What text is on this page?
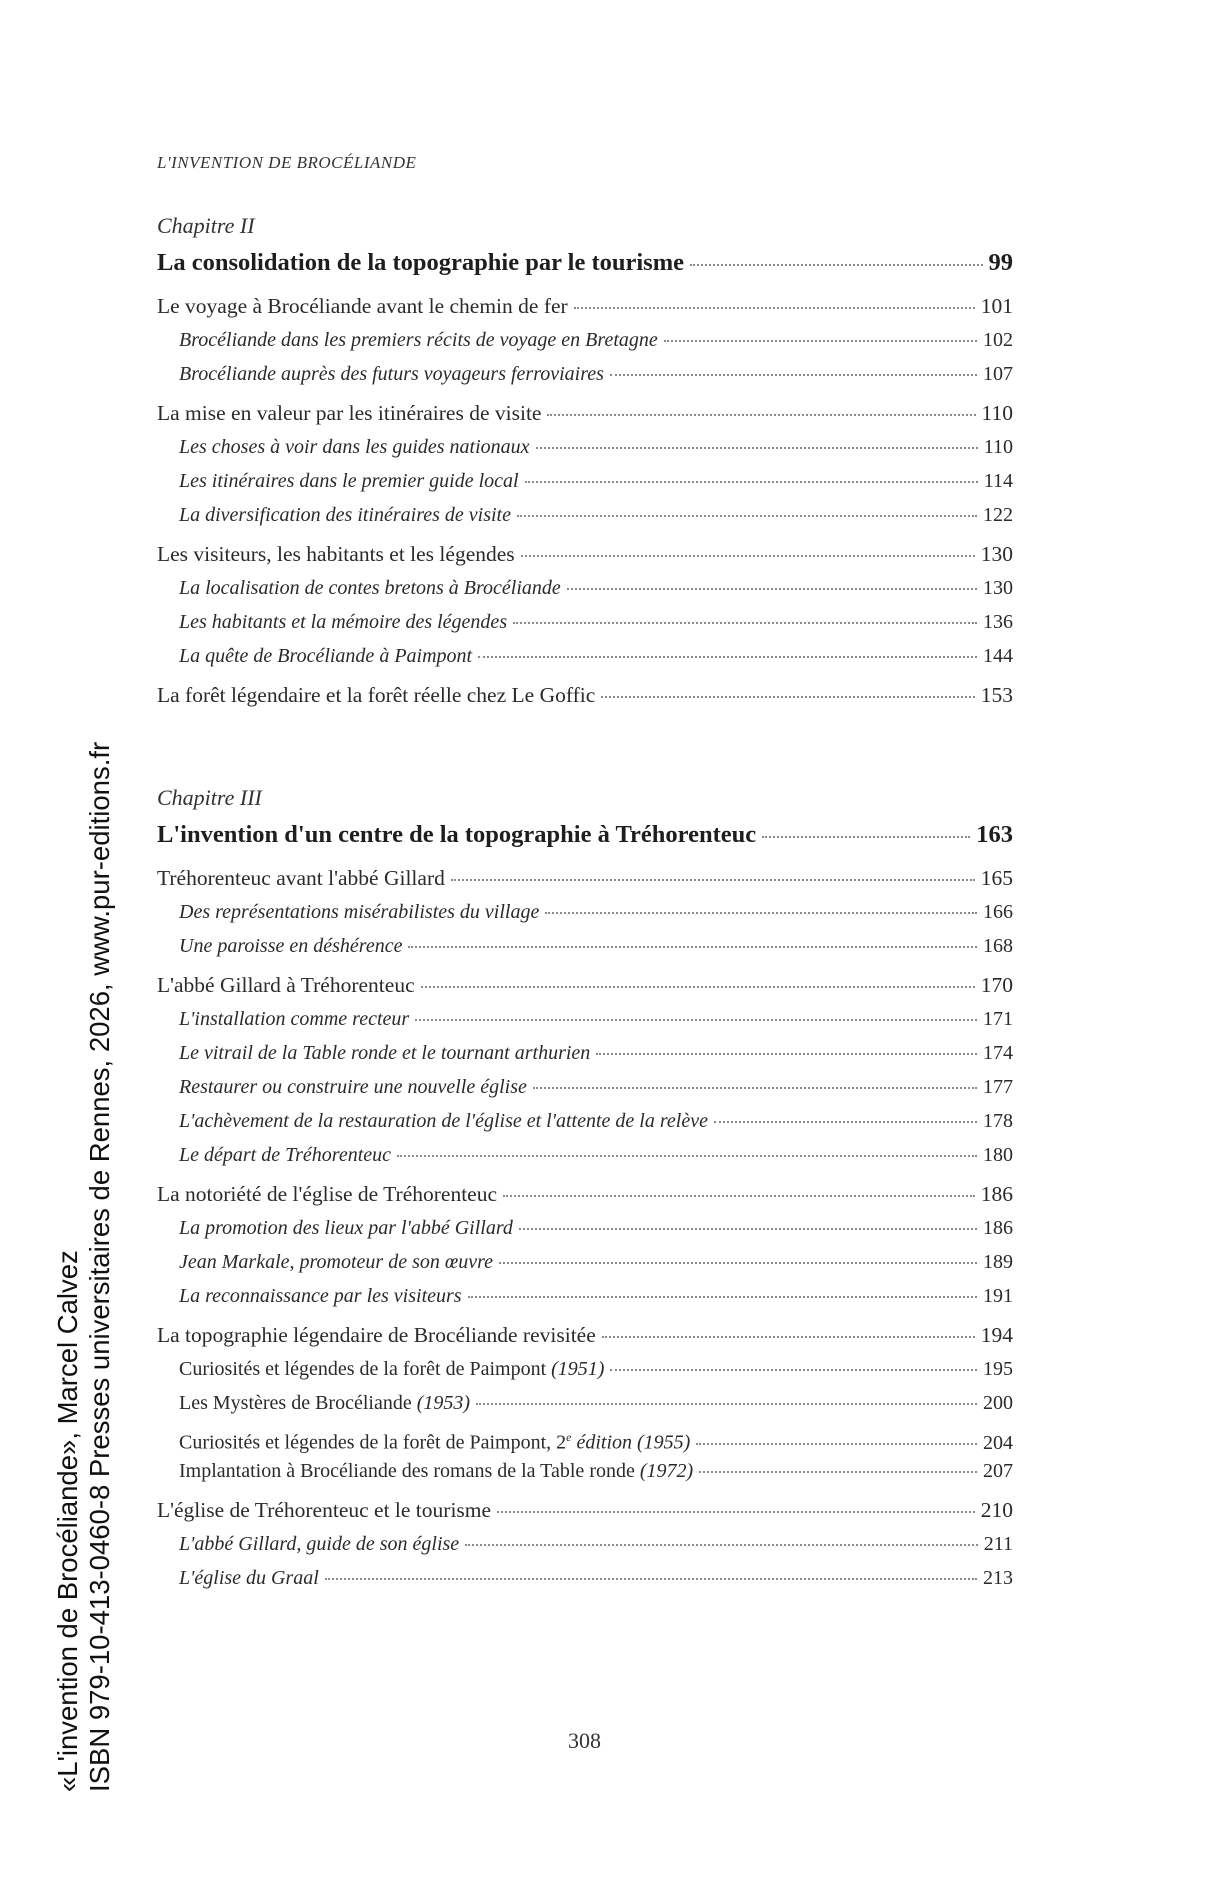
L'INVENTION DE BROCÉLIANDE
Chapitre II
La consolidation de la topographie par le tourisme	99
Le voyage à Brocéliande avant le chemin de fer	101
Brocéliande dans les premiers récits de voyage en Bretagne	102
Brocéliande auprès des futurs voyageurs ferroviaires	107
La mise en valeur par les itinéraires de visite	110
Les choses à voir dans les guides nationaux	110
Les itinéraires dans le premier guide local	114
La diversification des itinéraires de visite	122
Les visiteurs, les habitants et les légendes	130
La localisation de contes bretons à Brocéliande	130
Les habitants et la mémoire des légendes	136
La quête de Brocéliande à Paimpont	144
La forêt légendaire et la forêt réelle chez Le Goffic	153
Chapitre III
L'invention d'un centre de la topographie à Tréhorenteuc	163
Tréhorenteuc avant l'abbé Gillard	165
Des représentations misérabilistes du village	166
Une paroisse en déshérence	168
L'abbé Gillard à Tréhorenteuc	170
L'installation comme recteur	171
Le vitrail de la Table ronde et le tournant arthurien	174
Restaurer ou construire une nouvelle église	177
L'achèvement de la restauration de l'église et l'attente de la relève	178
Le départ de Tréhorenteuc	180
La notoriété de l'église de Tréhorenteuc	186
La promotion des lieux par l'abbé Gillard	186
Jean Markale, promoteur de son œuvre	189
La reconnaissance par les visiteurs	191
La topographie légendaire de Brocéliande revisitée	194
Curiosités et légendes de la forêt de Paimpont (1951)	195
Les Mystères de Brocéliande (1953)	200
Curiosités et légendes de la forêt de Paimpont, 2e édition (1955)	204
Implantation à Brocéliande des romans de la Table ronde (1972)	207
L'église de Tréhorenteuc et le tourisme	210
L'abbé Gillard, guide de son église	211
L'église du Graal	213
308
«L'invention de Brocéliande», Marcel Calvez ISBN 979-10-413-0460-8 Presses universitaires de Rennes, 2026, www.pur-editions.fr
